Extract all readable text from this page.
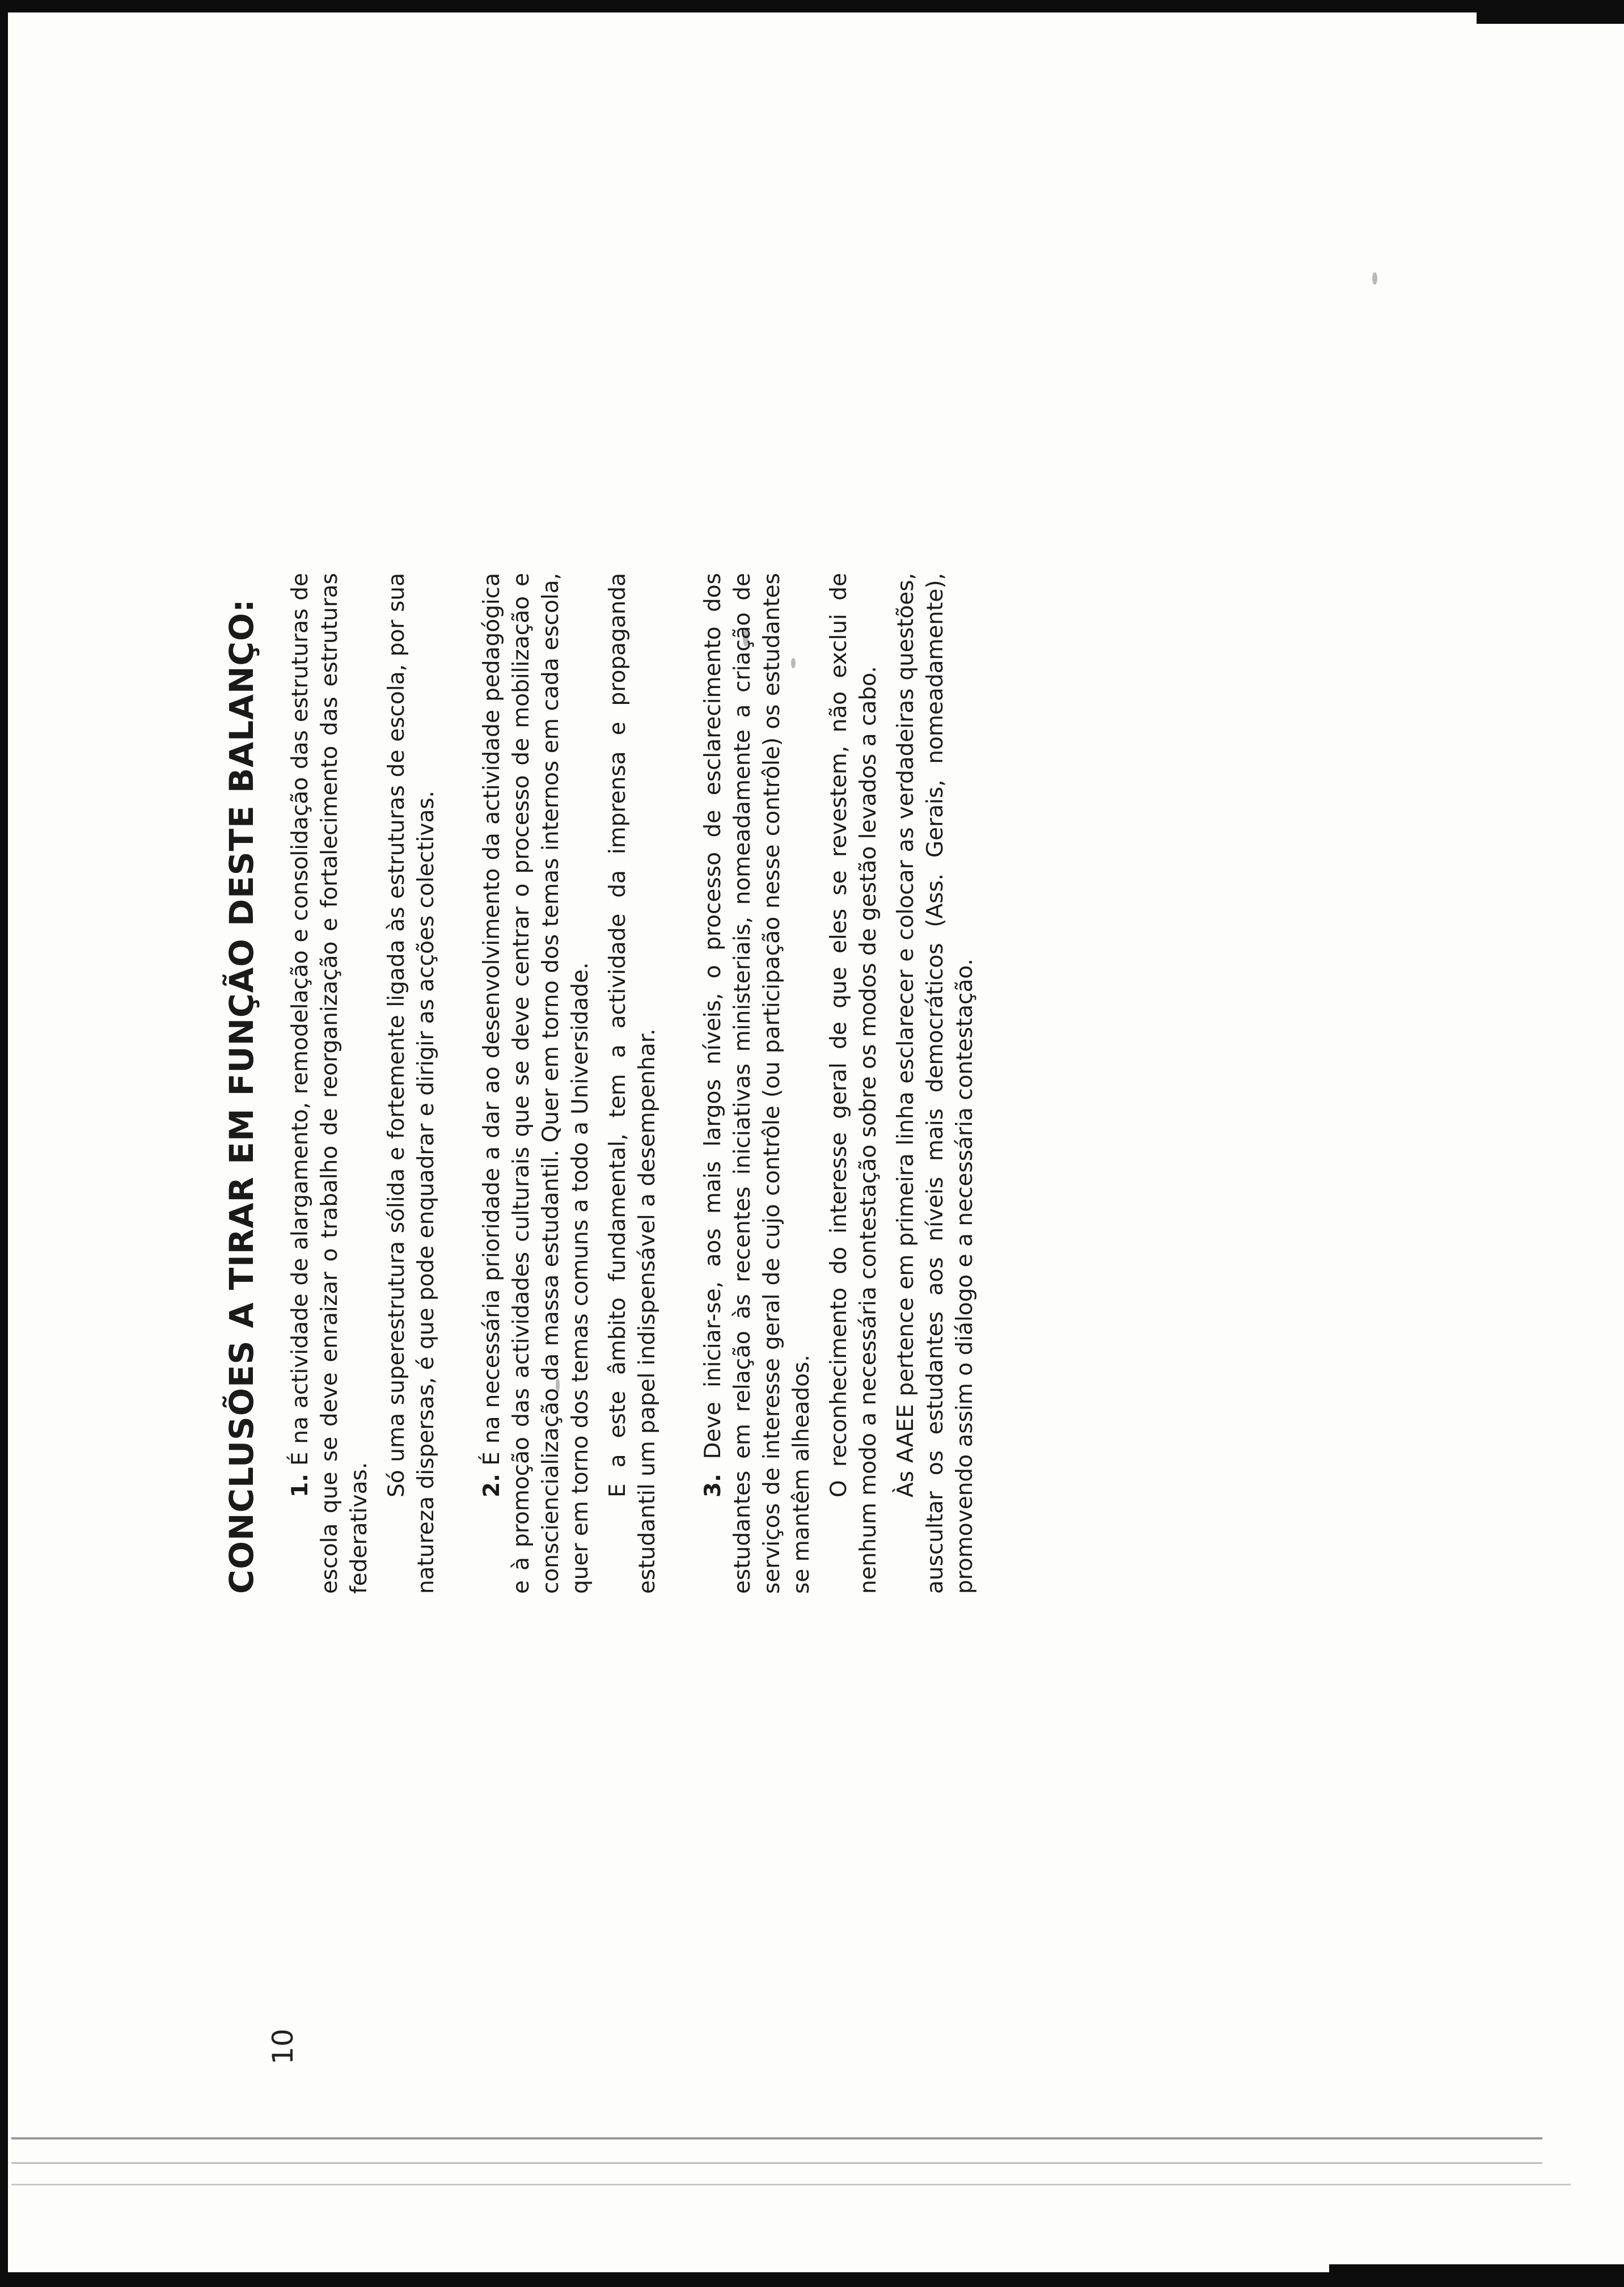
CONCLUSÕES A TIRAR EM FUNÇÃO DESTE BALANÇO: 1. É na actividade de alargamento, remodelação e consolidação das estruturas de escola que se deve enraizar o trabalho de reorganização e fortalecimento das estruturas federativas.

Só uma superestrutura sólida e fortemente ligada às estruturas de escola, por sua natureza dispersas, é que pode enquadrar e dirigir as acções colectivas. 2. É na necessária prioridade a dar ao desenvolvimento da actividade pedagógica e à promoção das actividades culturais que se deve centrar o processo de mobilização e consciencialização da massa estudantil. Quer em torno dos temas internos em cada escola, quer em torno dos temas comuns a todo a Universidade. E a este âmbito fundamental, tem a actividade da imprensa e propaganda estudantil um papel indispensável a desempenhar. 3. Deve iniciar-se, aos mais largos níveis, o processo de esclarecimento dos estudantes em relação às recentes iniciativas ministeriais, nomeadamente a criação de serviços de interesse geral de cujo contrôle (ou participação nesse contrôle) os estudantes se mantêm alheados. O reconhecimento do interesse geral de que eles se revestem, não exclui de nenhum modo a necessária contestação sobre os modos de gestão levados a cabo. Às AAEE pertence em primeira linha esclarecer e colocar as verdadeiras questões, auscultar os estudantes aos níveis mais democráticos (Ass. Gerais, nomeadamente), promovendo assim o diálogo e a necessária contestação.

10
